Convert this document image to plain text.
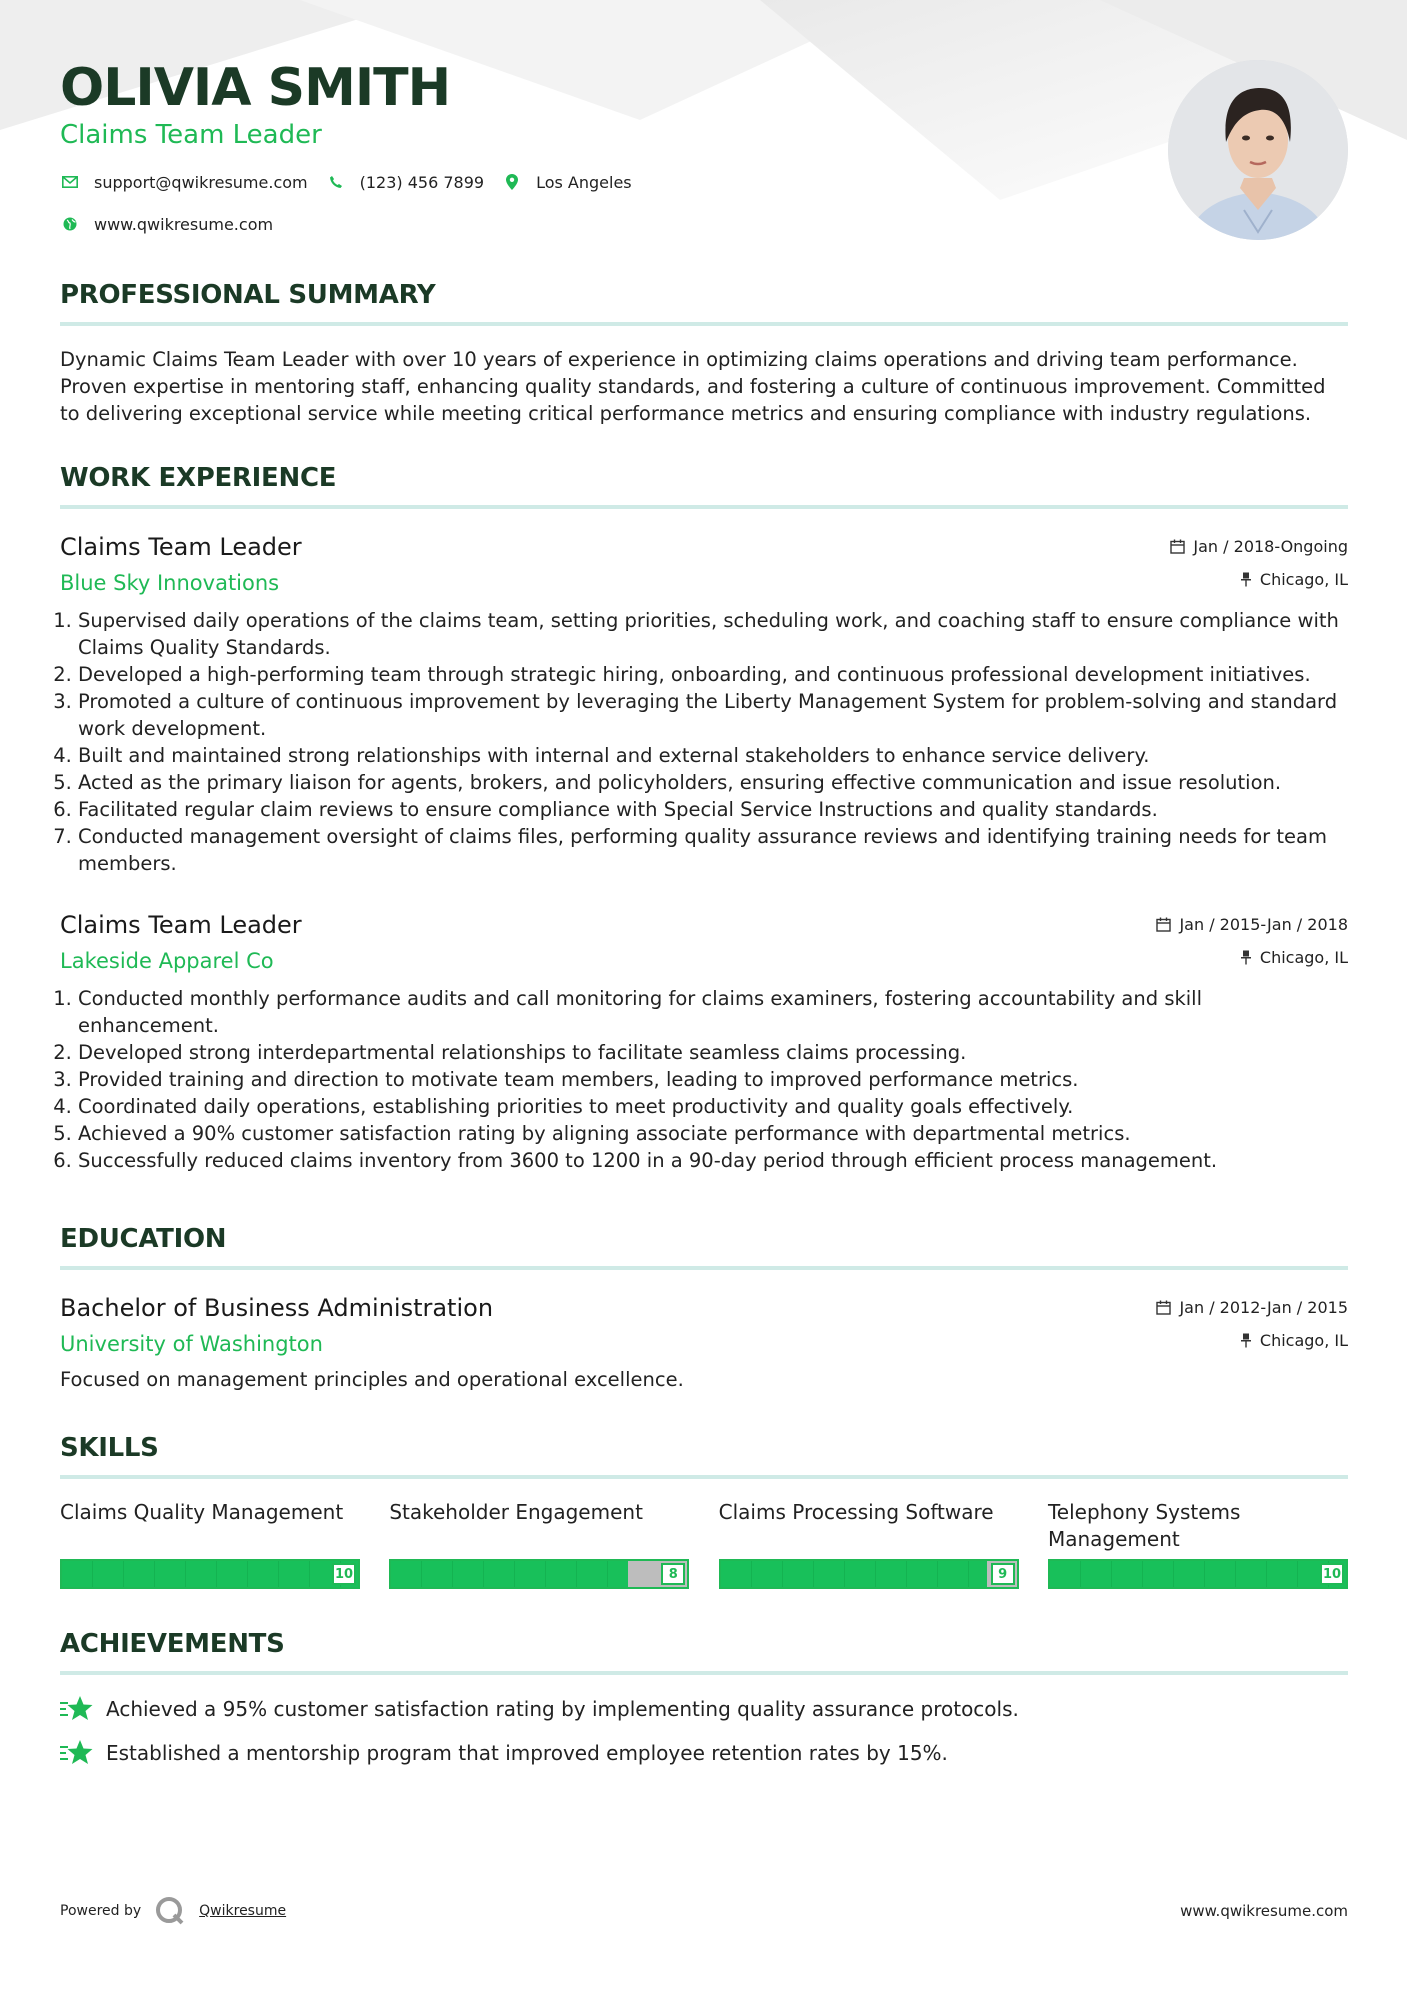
OLIVIA SMITH
Claims Team Leader
support@qwikresume.com	(123) 456 7899	Los Angeles
www.qwikresume.com
PROFESSIONAL SUMMARY

Dynamic Claims Team Leader with over 10 years of experience in optimizing claims operations and driving team performance. Proven expertise in mentoring staff, enhancing quality standards, and fostering a culture of continuous improvement. Committed to delivering exceptional service while meeting critical performance metrics and ensuring compliance with industry regulations.

WORK EXPERIENCE
Claims Team Leader
Blue Sky Innovations
Jan / 2018-Ongoing
Chicago, IL
1. Supervised daily operations of the claims team, setting priorities, scheduling work, and coaching staff to ensure compliance with Claims Quality Standards.
2. Developed a high-performing team through strategic hiring, onboarding, and continuous professional development initiatives.
3. Promoted a culture of continuous improvement by leveraging the Liberty Management System for problem-solving and standard work development.
4. Built and maintained strong relationships with internal and external stakeholders to enhance service delivery.
5. Acted as the primary liaison for agents, brokers, and policyholders, ensuring effective communication and issue resolution.
6. Facilitated regular claim reviews to ensure compliance with Special Service Instructions and quality standards.
7. Conducted management oversight of claims files, performing quality assurance reviews and identifying training needs for team members.
Claims Team Leader
Lakeside Apparel Co
Jan / 2015-Jan / 2018
Chicago, IL
1. Conducted monthly performance audits and call monitoring for claims examiners, fostering accountability and skill enhancement.
2. Developed strong interdepartmental relationships to facilitate seamless claims processing.
3. Provided training and direction to motivate team members, leading to improved performance metrics.
4. Coordinated daily operations, establishing priorities to meet productivity and quality goals effectively.
5. Achieved a 90% customer satisfaction rating by aligning associate performance with departmental metrics.
6. Successfully reduced claims inventory from 3600 to 1200 in a 90-day period through efficient process management.
EDUCATION
Bachelor of Business Administration
University of Washington
Jan / 2012-Jan / 2015
Chicago, IL

Focused on management principles and operational excellence.

SKILLS
Claims Quality Management
10
Stakeholder Engagement
8
Claims Processing Software
9
Telephony Systems Management
10
ACHIEVEMENTS
Achieved a 95% customer satisfaction rating by implementing quality assurance protocols.
Established a mentorship program that improved employee retention rates by 15%.
Powered by	Qwikresume	www.qwikresume.com
